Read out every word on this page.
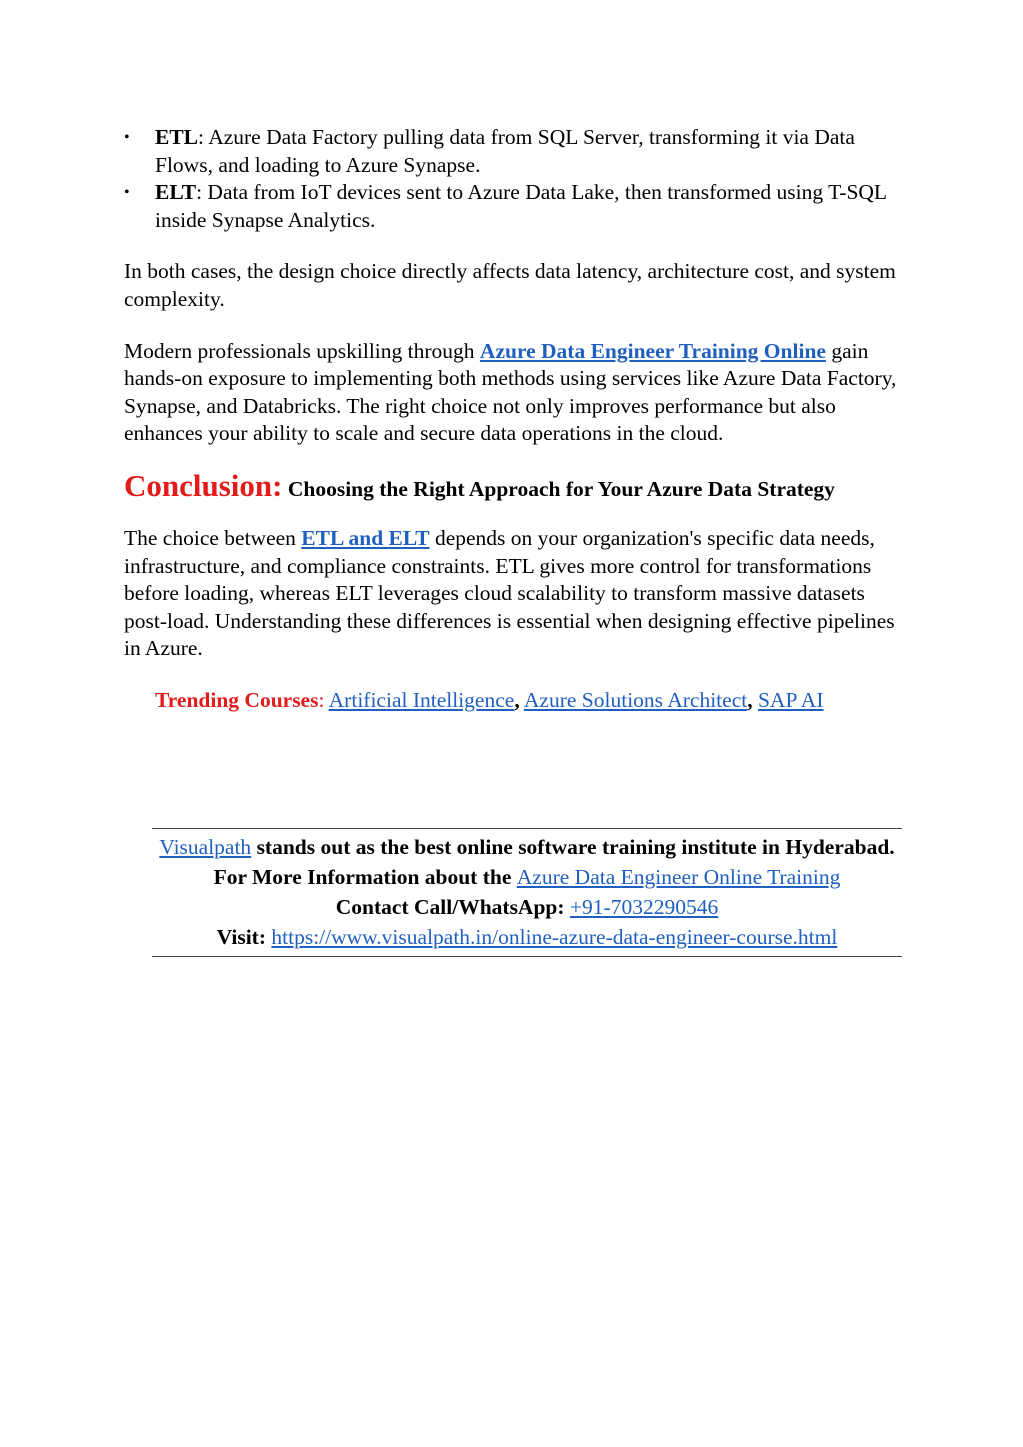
•	ETL: Azure Data Factory pulling data from SQL Server, transforming it via Data Flows, and loading to Azure Synapse.
•	ELT: Data from IoT devices sent to Azure Data Lake, then transformed using T-SQL inside Synapse Analytics.

In both cases, the design choice directly affects data latency, architecture cost, and system complexity.

Modern professionals upskilling through Azure Data Engineer Training Online gain hands-on exposure to implementing both methods using services like Azure Data Factory, Synapse, and Databricks. The right choice not only improves performance but also enhances your ability to scale and secure data operations in the cloud.

Conclusion: Choosing the Right Approach for Your Azure Data Strategy

The choice between ETL and ELT depends on your organization's specific data needs, infrastructure, and compliance constraints. ETL gives more control for transformations before loading, whereas ELT leverages cloud scalability to transform massive datasets post-load. Understanding these differences is essential when designing effective pipelines in Azure.

Trending Courses: Artificial Intelligence, Azure Solutions Architect, SAP AI

Visualpath stands out as the best online software training institute in Hyderabad.

For More Information about the Azure Data Engineer Online Training

Contact Call/WhatsApp: +91-7032290546

Visit: https://www.visualpath.in/online-azure-data-engineer-course.html
